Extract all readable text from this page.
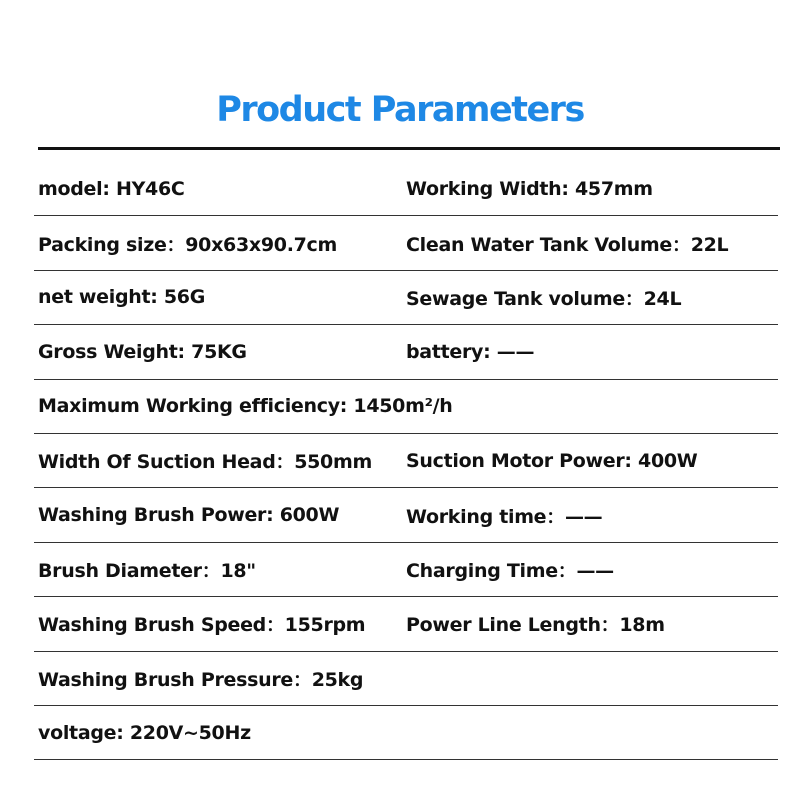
Product Parameters
model: HY46C	Working Width: 457mm
Packing size：90x63x90.7cm	Clean Water Tank Volume：22L
net weight: 56G	Sewage Tank volume：24L
Gross Weight: 75KG	battery: ——
Maximum Working efficiency: 1450m²/h
Width Of Suction Head：550mm Suction Motor Power: 400W
Washing Brush Power: 600W	Working time：——
Brush Diameter：18"	Charging Time：——
Washing Brush Speed：155rpm Power Line Length：18m
Washing Brush Pressure：25kg
voltage: 220V~50Hz
